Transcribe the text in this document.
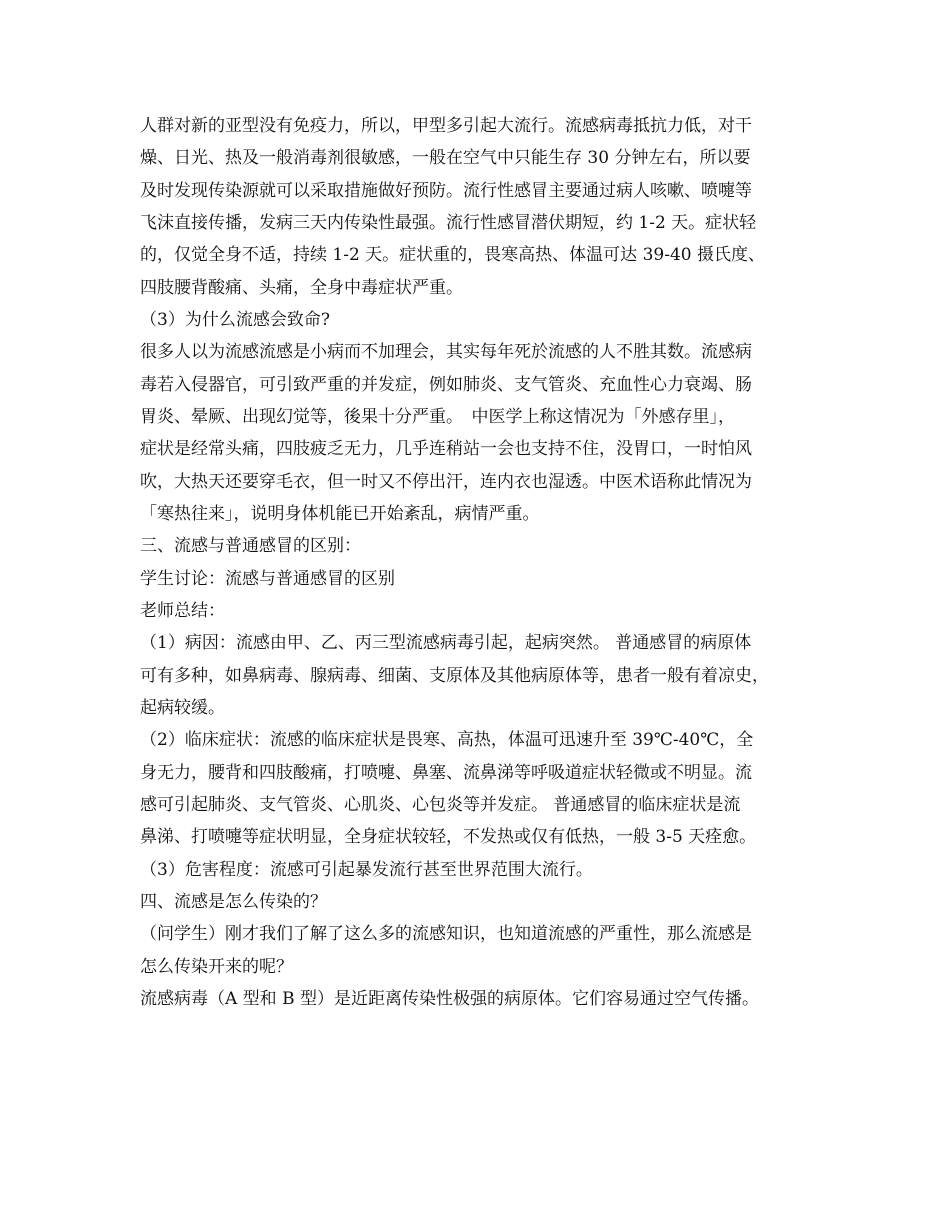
人群对新的亚型没有免疫力，所以，甲型多引起大流行。流感病毒抵抗力低，对干
燥、日光、热及一般消毒剂很敏感，一般在空气中只能生存 30 分钟左右，所以要
及时发现传染源就可以采取措施做好预防。流行性感冒主要通过病人咳嗽、喷嚏等
飞沫直接传播，发病三天内传染性最强。流行性感冒潜伏期短，约 1-2 天。症状轻
的，仅觉全身不适，持续 1-2 天。症状重的，畏寒高热、体温可达 39-40 摄氏度、
四肢腰背酸痛、头痛，全身中毒症状严重。
（3）为什么流感会致命?
很多人以为流感流感是小病而不加理会，其实每年死於流感的人不胜其数。流感病
毒若入侵器官，可引致严重的并发症，例如肺炎、支气管炎、充血性心力衰竭、肠
胃炎、晕厥、出现幻觉等，後果十分严重。　中医学上称这情况为「外感存里」，
症状是经常头痛，四肢疲乏无力，几乎连稍站一会也支持不住，没胃口，一时怕风
吹，大热天还要穿毛衣，但一时又不停出汗，连内衣也湿透。中医术语称此情况为
「寒热往来」，说明身体机能已开始紊乱，病情严重。
三、流感与普通感冒的区别：
学生讨论：流感与普通感冒的区别
老师总结：
（1）病因：流感由甲、乙、丙三型流感病毒引起，起病突然。 普通感冒的病原体
可有多种，如鼻病毒、腺病毒、细菌、支原体及其他病原体等，患者一般有着凉史，
起病较缓。
（2）临床症状：流感的临床症状是畏寒、高热，体温可迅速升至 39℃-40℃，全
身无力，腰背和四肢酸痛，打喷嚏、鼻塞、流鼻涕等呼吸道症状轻微或不明显。流
感可引起肺炎、支气管炎、心肌炎、心包炎等并发症。 普通感冒的临床症状是流
鼻涕、打喷嚏等症状明显，全身症状较轻，不发热或仅有低热，一般 3-5 天痊愈。
（3）危害程度：流感可引起暴发流行甚至世界范围大流行。
四、流感是怎么传染的？
（问学生）刚才我们了解了这么多的流感知识，也知道流感的严重性，那么流感是
怎么传染开来的呢？
流感病毒（A 型和 B 型）是近距离传染性极强的病原体。它们容易通过空气传播。
